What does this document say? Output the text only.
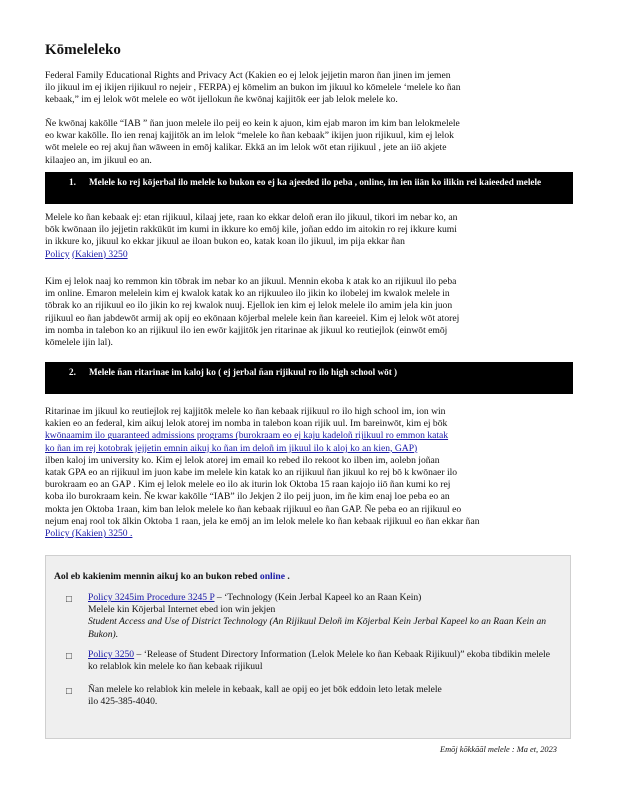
Kōmeleleko
Federal Family Educational Rights and Privacy Act (Kakien eo ej lelok jejjetin maron ñan jinen im jemen
ilo jikuul im ej ikijen rijikuul ro nejeir , FERPA) ej kōmelim an bukon im jikuul ko kōmelele ‘melele ko ñan
kebaak,” im ej lelok wōt melele eo wōt ijellokun ñe kwōnaj kajjitōk eer jab lelok melele ko.
Ñe kwōnaj kakōlle “IAB ” ñan juon melele ilo peij eo kein k ajuon, kim ejab maron im kim ban lelokmelele
eo kwar kakōlle. Ilo ien renaj kajjitōk an im lelok “melele ko ñan kebaak” ikijen juon rijikuul, kim ej lelok
wōt melele eo rej akuj ñan wāween in emōj kalikar. Ekkā an im lelok wōt etan rijikuul , jete an iiō akjete
kilaajeo an, im jikuul eo an.
1. Melele ko rej kōjerbal ilo melele ko bukon eo ej ka ajeeded ilo peba , online, im ien iiān ko ilikin rei kaieeded melele
Melele ko ñan kebaak ej: etan rijikuul, kilaaj jete, raan ko ekkar deloñ eran ilo jikuul, tikori im nebar ko, an
bōk kwōnaan ilo jejjetin rakkūkūt im kumi in ikkure ko emōj kile, joñan eddo im aitokin ro rej ikkure kumi
in ikkure ko, jikuul ko ekkar jikuul ae iloan bukon eo, katak koan ilo jikuul, im pija ekkar ñan
Policy (Kakien) 3250
Kim ej lelok naaj ko remmon kin tōbrak im nebar ko an jikuul. Mennin ekoba k atak ko an rijikuul ilo peba
im online. Emaron melelein kim ej kwalok katak ko an rijkuuleo ilo jikin ko ilobelej im kwalok melele in
tōbrak ko an rijikuul eo ilo jikin ko rej kwalok nuuj. Ejellok ien kim ej lelok melele ilo amim jela kin juon
rijikuul eo ñan jabdewōt armij ak opij eo ekōnaan kōjerbal melele kein ñan kareeiel. Kim ej lelok wōt atorej
im nomba in talebon ko an rijikuul ilo ien ewōr kajjitōk jen ritarinae ak jikuul ko reutiejlok (einwōt emōj
kōmelele ijin lal).
2. Melele ñan ritarinae im kaloj ko ( ej jerbal ñan rijikuul ro ilo high school wōt )
Ritarinae im jikuul ko reutiejlok rej kajjitōk melele ko ñan kebaak rijikuul ro ilo high school im, ion win
kakien eo an federal, kim aikuj lelok atorej im nomba in talebon koan rijik uul. Im bareinwōt, kim ej bōk
kwōnaamim ilo guaranteed admissions programs (burokraam eo ej kaju kadeloñ rijikuul ro emmon katak
ko ñan im rej kotobrak jejjetin emnin aikuj ko ñan im deloñ im jikuul ilo k aloj ko an kien, GAP)
ilben kaloj im university ko. Kim ej lelok atorej im email ko rebed ilo rekoot ko ilben im, aolebn joñan
katak GPA eo an rijikuul im juon kabe im melele kin katak ko an rijikuul ñan jikuul ko rej bō k kwōnaer ilo
burokraam eo an GAP . Kim ej lelok melele eo ilo ak iturin lok Oktoba 15 raan kajojo iiō ñan kumi ko rej
koba ilo burokraam kein. Ñe kwar kakōlle “IAB” ilo Jekjen 2 ilo peij juon, im ñe kim enaj loe peba eo an
mokta jen Oktoba 1raan, kim ban lelok melele ko ñan kebaak rijikuul eo ñan GAP. Ñe peba eo an rijikuul eo
nejum enaj rool tok ālkin Oktoba 1 raan, jela ke emōj an im lelok melele ko ñan kebaak rijikuul eo ñan ekkar ñan
Policy (Kakien) 3250 .
Aol eb kakienim mennin aikuj ko an bukon rebed online .
□ Policy 3245im Procedure 3245 P – ‘Technology (Kein Jerbal Kapeel ko an Raan Kein)
Melele kin Kōjerbal Internet ebed ion win jekjen
Student Access and Use of District Technology (An Rijikuul Deloñ im Kōjerbal Kein Jerbal Kapeel ko an Raan Kein an Bukon).
□ Policy 3250 – ‘Release of Student Directory Information (Lelok Melele ko ñan Kebaak Rijikuul)” ekoba tibdikin melele ko relablok kin melele ko ñan kebaak rijikuul
□ Ñan melele ko relablok kin melele in kebaak, kall ae opij eo jet bōk eddoin leto letak melele
ilo 425-385-4040.
Emōj kōkkāāl melele : Ma et, 2023
